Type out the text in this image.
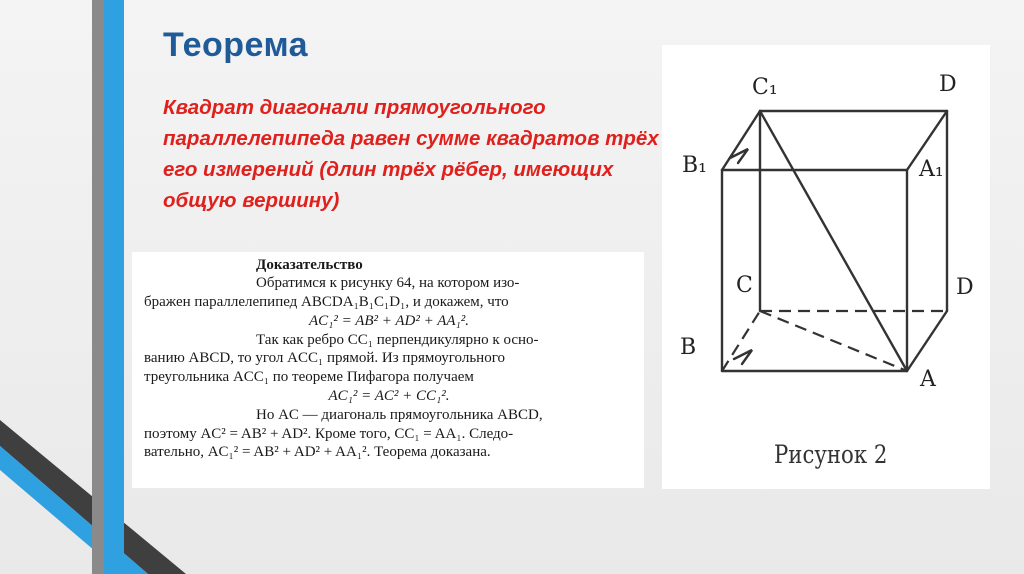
Теорема
Квадрат диагонали прямоугольного параллелепипеда равен сумме квадратов трёх его измерений (длин трёх рёбер, имеющих общую вершину)
Доказательство
Обратимся к рисунку 64, на котором изо-
бражен параллелепипед ABCDA₁B₁C₁D₁, и докажем, что
AC₁² = AB² + AD² + AA₁².
Так как ребро CC₁ перпендикулярно к осно-
ванию ABCD, то угол ACC₁ прямой. Из прямоугольного
треугольника ACC₁ по теореме Пифагора получаем
AC₁² = AC² + CC₁².
Но AC — диагональ прямоугольника ABCD,
поэтому AC² = AB² + AD². Кроме того, CC₁ = AA₁. Следо-
вательно, AC₁² = AB² + AD² + AA₁². Теорема доказана.
C₁	D
B₁	A₁
C	D
B
A
Рисунок 2
